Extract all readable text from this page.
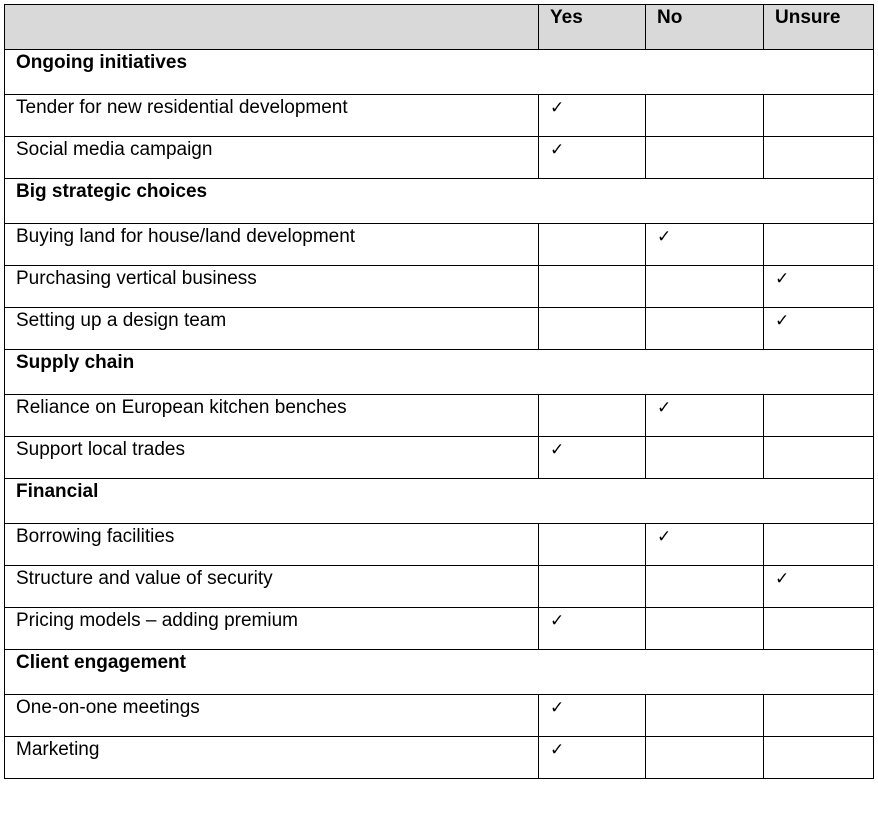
	Yes	No	Unsure
Ongoing initiatives			
Tender for new residential development	✓		
Social media campaign	✓		
Big strategic choices			
Buying land for house/land development		✓	
Purchasing vertical business			✓
Setting up a design team			✓
Supply chain			
Reliance on European kitchen benches		✓	
Support local trades	✓		
Financial			
Borrowing facilities		✓	
Structure and value of security			✓
Pricing models – adding premium	✓		
Client engagement			
One-on-one meetings	✓		
Marketing	✓		
